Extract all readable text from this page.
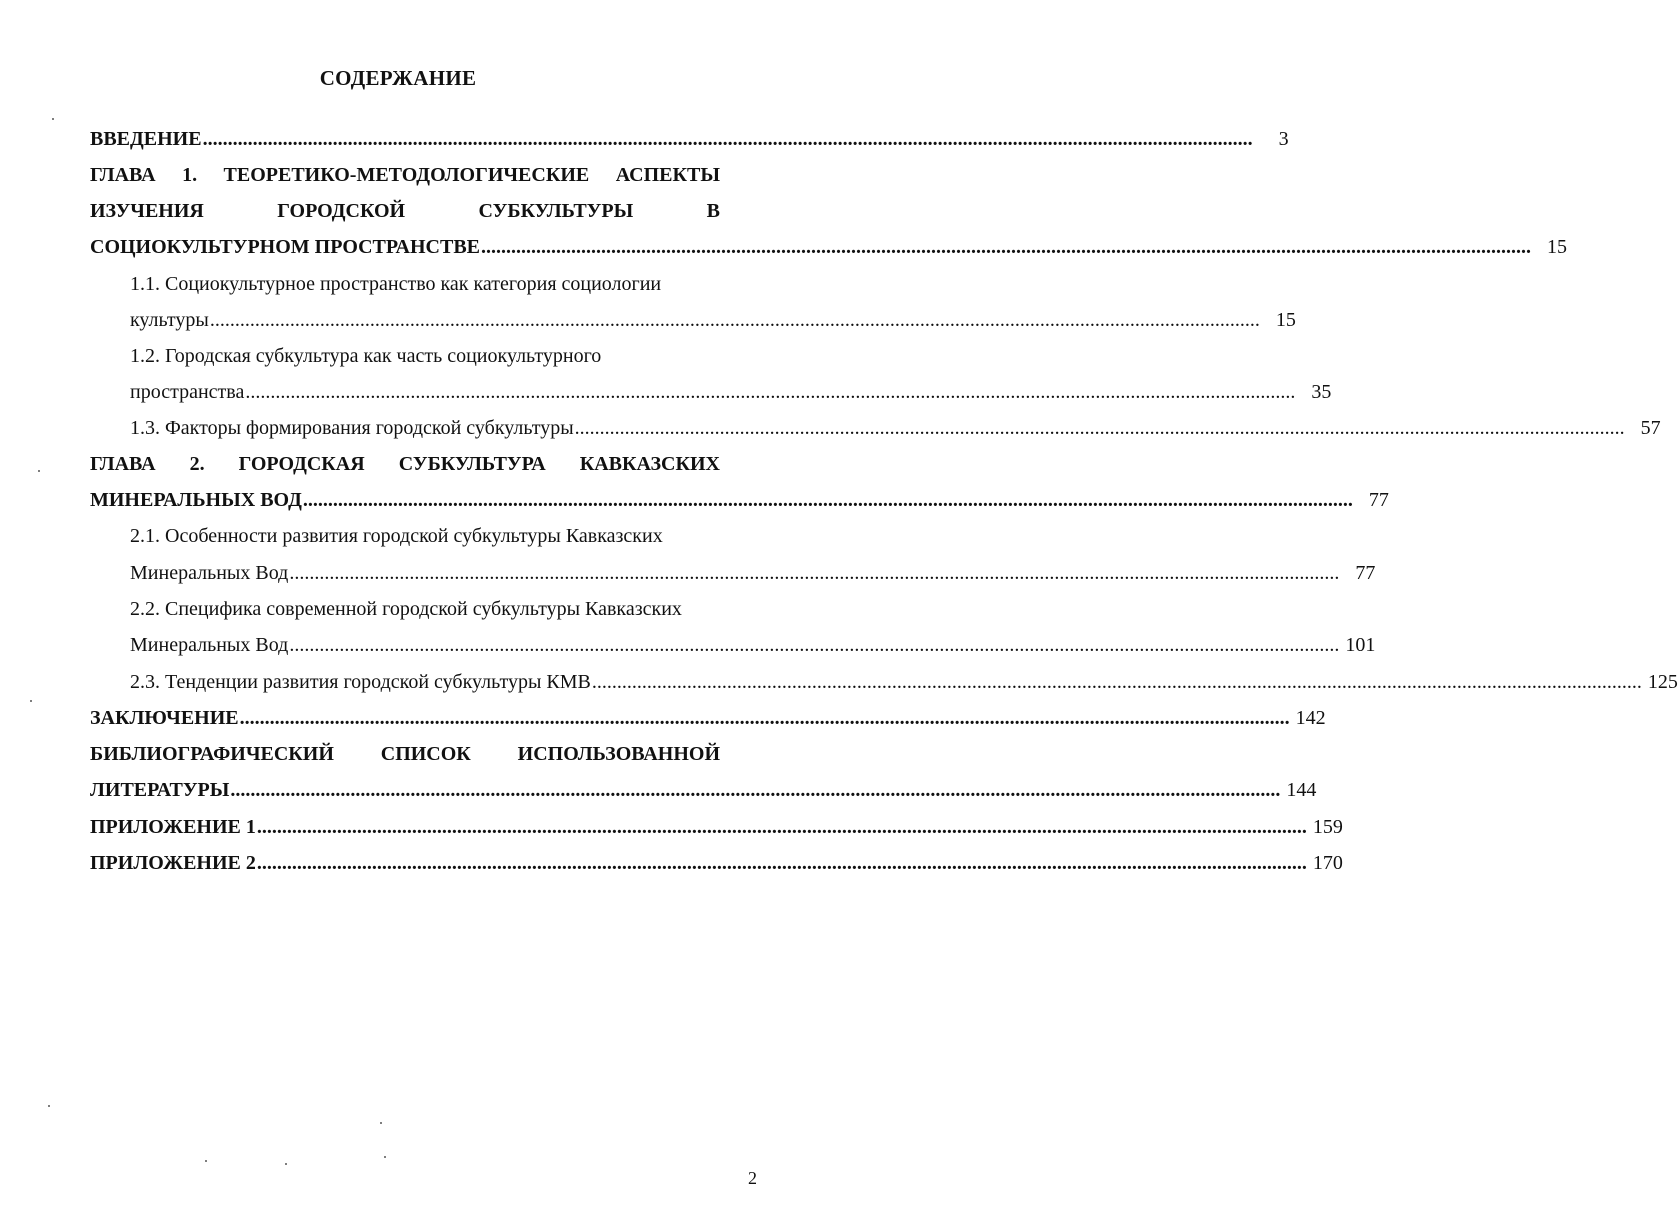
СОДЕРЖАНИЕ
ВВЕДЕНИЕ ..................................................................................................................................................................................................................	3
ГЛАВА 1. ТЕОРЕТИКО-МЕТОДОЛОГИЧЕСКИЕ АСПЕКТЫ
ИЗУЧЕНИЯ	ГОРОДСКОЙ	СУБКУЛЬТУРЫ	В
СОЦИОКУЛЬТУРНОМ ПРОСТРАНСТВЕ .................................................................................................................................................................................................................. 15
1.1. Социокультурное пространство как категория социологии
культуры .................................................................................................................................................................................................................. 15
1.2. Городская субкультура как часть социокультурного
пространства .................................................................................................................................................................................................................. 35
1.3. Факторы формирования городской субкультуры .................................................................................................................................................................................................................. 57
ГЛАВА 2. ГОРОДСКАЯ СУБКУЛЬТУРА КАВКАЗСКИХ
МИНЕРАЛЬНЫХ ВОД .................................................................................................................................................................................................................. 77
2.1. Особенности развития городской субкультуры Кавказских
Минеральных Вод .................................................................................................................................................................................................................. 77
2.2. Специфика современной городской субкультуры Кавказских
Минеральных Вод .................................................................................................................................................................................................................. 101
2.3. Тенденции развития городской субкультуры КМВ .................................................................................................................................................................................................................. 125
ЗАКЛЮЧЕНИЕ .................................................................................................................................................................................................................. 142
БИБЛИОГРАФИЧЕСКИЙ СПИСОК ИСПОЛЬЗОВАННОЙ
ЛИТЕРАТУРЫ .................................................................................................................................................................................................................. 144
ПРИЛОЖЕНИЕ 1 .................................................................................................................................................................................................................. 159
ПРИЛОЖЕНИЕ 2 .................................................................................................................................................................................................................. 170
2
